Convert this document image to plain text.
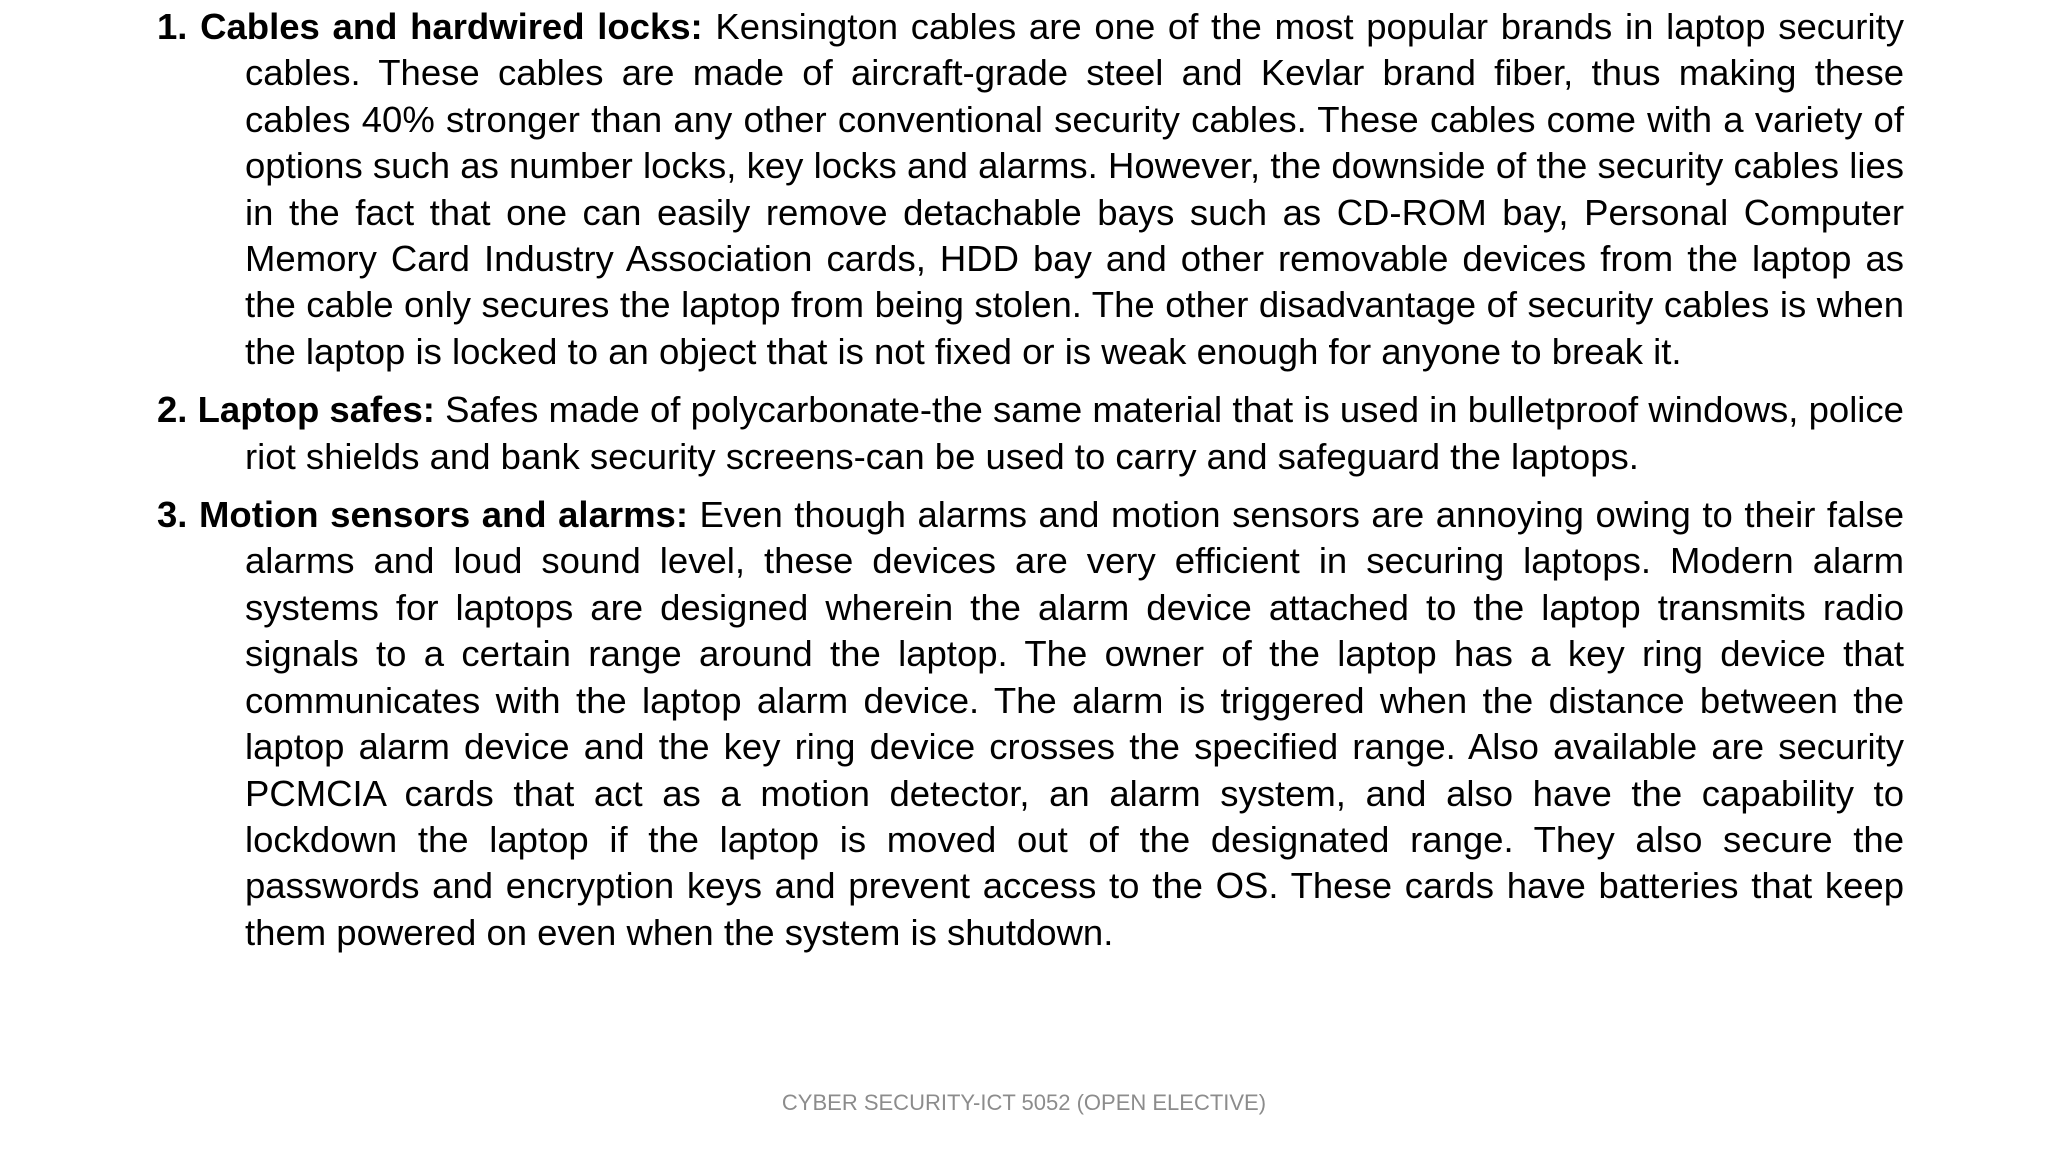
1. Cables and hardwired locks: Kensington cables are one of the most popular brands in laptop security cables. These cables are made of aircraft-grade steel and Kevlar brand fiber, thus making these cables 40% stronger than any other conventional security cables. These cables come with a variety of options such as number locks, key locks and alarms. However, the downside of the security cables lies in the fact that one can easily remove detachable bays such as CD-ROM bay, Personal Computer Memory Card Industry Association cards, HDD bay and other removable devices from the laptop as the cable only secures the laptop from being stolen. The other disadvantage of security cables is when the laptop is locked to an object that is not fixed or is weak enough for anyone to break it.
2. Laptop safes: Safes made of polycarbonate-the same material that is used in bulletproof windows, police riot shields and bank security screens-can be used to carry and safeguard the laptops.
3. Motion sensors and alarms: Even though alarms and motion sensors are annoying owing to their false alarms and loud sound level, these devices are very efficient in securing laptops. Modern alarm systems for laptops are designed wherein the alarm device attached to the laptop transmits radio signals to a certain range around the laptop. The owner of the laptop has a key ring device that communicates with the laptop alarm device. The alarm is triggered when the distance between the laptop alarm device and the key ring device crosses the specified range. Also available are security PCMCIA cards that act as a motion detector, an alarm system, and also have the capability to lockdown the laptop if the laptop is moved out of the designated range. They also secure the passwords and encryption keys and prevent access to the OS. These cards have batteries that keep them powered on even when the system is shutdown.
CYBER SECURITY-ICT 5052 (OPEN ELECTIVE)
